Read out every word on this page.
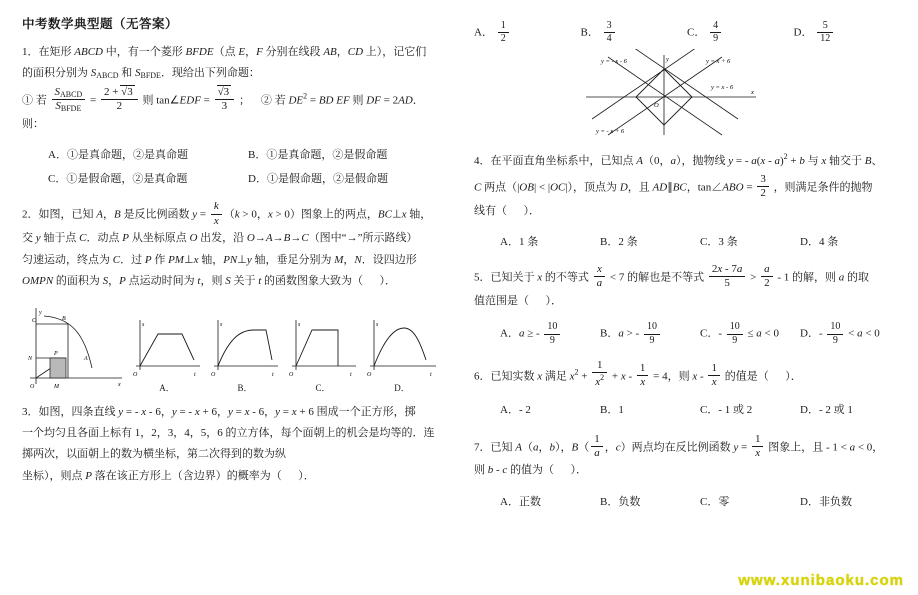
中考数学典型题（无答案）
1．在矩形 ABCD 中，有一个菱形 BFDE（点 E，F 分别在线段 AB，CD 上），记它们
的面积分别为 $S_{ABCD}$ 和 $S_{BFDE}$．现给出下列命题：
① 若 $\frac{S_{ABCD}}{S_{BFDE}} = \frac{2 + √3}{2}$ 则 tan∠EDF = $\frac{√3}{3}$ ；    ② 若 $DE^2$ = BD EF 则 DF = 2AD．
则：
A．①是真命题，②是真命题	B．①是真命题，②是假命题
C．①是假命题，②是真命题	D．①是假命题，②是假命题
2．如图，已知 A，B 是反比例函数 $y = \frac{k}{x} (k > 0$，x > 0）图象上的两点，BC⊥x 轴，
交 y 轴于点 C．动点 P 从坐标原点 O 出发，沿 O→A→B→C（图中“→”所示路线）
匀速运动，终点为 C．过 P 作 PM⊥x 轴，PN⊥y 轴，垂足分别为 M，N．设四边形
OMPN 的面积为 S，P 点运动时间为 t，则 S 关于 t 的函数图象大致为（      ）．
C	B
A
N
P
O	M	x
y
s
t
O
A．
s
t
O
B．
s
t
O
C．
s
t
O
D．
3．如图，四条直线 y = - x - 6，y = - x + 6，y = x - 6，y = x + 6 围成一个正方形，掷
一个均匀且各面上标有 1，2，3，4，5，6 的立方体，每个面朝上的机会是均等的．连
掷两次，以面朝上的数为横坐标，第二次得到的数为纵
坐标），则点 P 落在该正方形上（含边界）的概率为（      ）．
A． $\frac{1}{2}$	B． $\frac{3}{4}$	C． $\frac{4}{9}$	D． $\frac{5}{12}$
y = - x - 6	y = x + 6
y = x - 6
y = - x + 6
y
x
O
4．在平面直角坐标系中，已知点 A（0，a），抛物线 y = - a(x - a)$^2$ + b 与 x 轴交于 B、
C 两点（|OB| < |OC|），顶点为 D，且 AD∥BC，tan∠ABO = $\frac{3}{2}$ ，则满足条件的抛物
线有（      ）．
A．1 条	B．2 条	C．3 条	D．4 条
5．已知关于 x 的不等式 $\frac{x}{a} < 7$ 的解也是不等式 $\frac{2x - 7a}{5} > \frac{a}{2} - 1$ 的解，则 a 的取
值范围是（      ）．
A．a ≥ - $\frac{10}{9}$	B．a > - $\frac{10}{9}$	C．- $\frac{10}{9} \le a < 0$	D．- $\frac{10}{9} < a < 0$
6．已知实数 x 满足 $x^2 + \frac{1}{x^2} + x - \frac{1}{x} = 4$，则 x - $\frac{1}{x}$ 的值是（      ）．
A．- 2	B．1	C．- 1 或 2	D．- 2 或 1
7．已知 A（a，b），$B( \frac{1}{a}$ ，c）两点均在反比例函数 $y = \frac{1}{x}$ 图象上，且 - 1 < a < 0，
则 b - c 的值为（      ）．
A．正数	B．负数	C．零	D．非负数
www.xunibaoku.com
